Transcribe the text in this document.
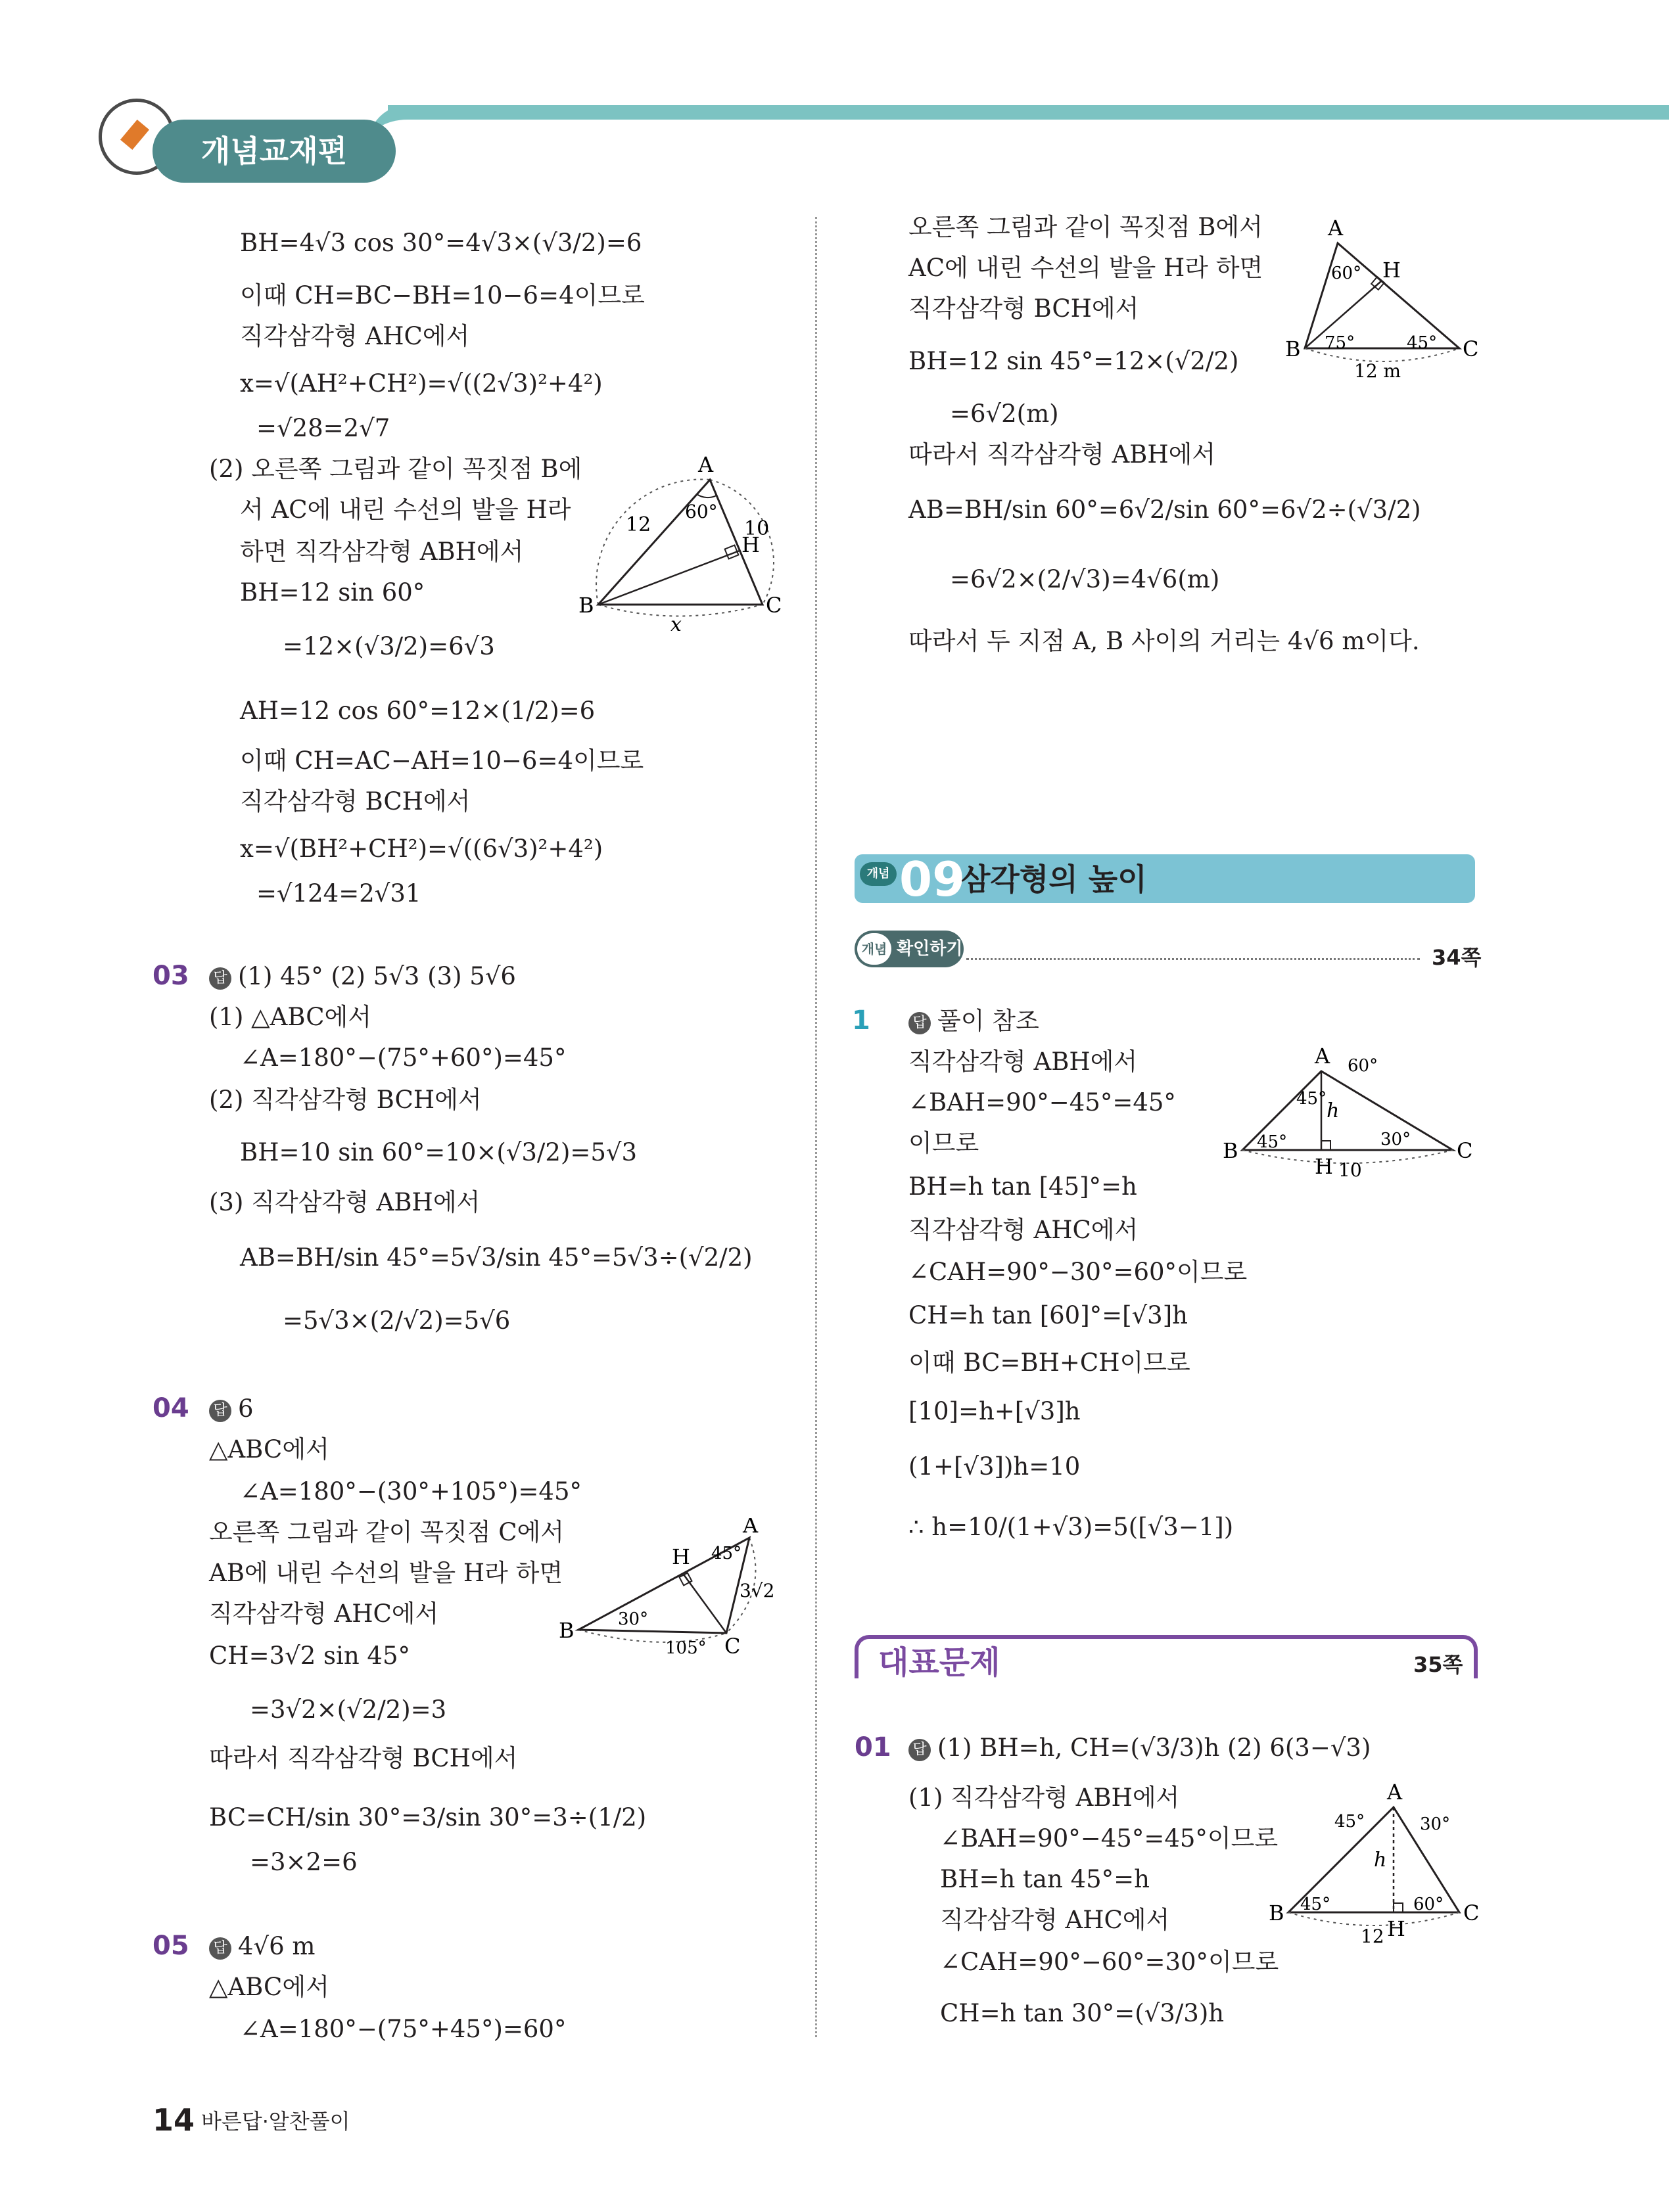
개념교재편
BH=4√3 cos 30°=4√3×(√3/2)=6
이때 CH=BC−BH=10−6=4이므로
직각삼각형 AHC에서
x=√(AH²+CH²)=√((2√3)²+4²)
=√28=2√7
(2) 오른쪽 그림과 같이 꼭짓점 B에
서 AC에 내린 수선의 발을 H라
하면 직각삼각형 ABH에서
BH=12 sin 60°
=12×(√3/2)=6√3
AH=12 cos 60°=12×(1/2)=6
이때 CH=AC−AH=10−6=4이므로
직각삼각형 BCH에서
x=√(BH²+CH²)=√((6√3)²+4²)
=√124=2√31
A
B	C
H
60°
12	10
x
03 답 (1) 45° (2) 5√3 (3) 5√6
(1) △ABC에서
∠A=180°−(75°+60°)=45°
(2) 직각삼각형 BCH에서
BH=10 sin 60°=10×(√3/2)=5√3
(3) 직각삼각형 ABH에서
AB=BH/sin 45°=5√3/sin 45°=5√3÷(√2/2)
=5√3×(2/√2)=5√6
04 답 6
△ABC에서
∠A=180°−(30°+105°)=45°
오른쪽 그림과 같이 꼭짓점 C에서
AB에 내린 수선의 발을 H라 하면
직각삼각형 AHC에서
CH=3√2 sin 45°
=3√2×(√2/2)=3
따라서 직각삼각형 BCH에서
BC=CH/sin 30°=3/sin 30°=3÷(1/2)
=3×2=6
A
B
C
H 45°
30°
105°
3√2
05 답 4√6 m
△ABC에서
∠A=180°−(75°+45°)=60°
오른쪽 그림과 같이 꼭짓점 B에서
AC에 내린 수선의 발을 H라 하면
직각삼각형 BCH에서
BH=12 sin 45°=12×(√2/2)
=6√2(m)
따라서 직각삼각형 ABH에서
AB=BH/sin 60°=6√2/sin 60°=6√2÷(√3/2)
=6√2×(2/√3)=4√6(m)
따라서 두 지점 A, B 사이의 거리는 4√6 m이다.
A
B	C
H
60°
75°	45°
12 m
개념 09
삼각형의 높이
개념 확인하기	34쪽
1	답 풀이 참조
직각삼각형 ABH에서
∠BAH=90°−45°=45°
이므로
BH=h tan [45]°=h
직각삼각형 AHC에서
∠CAH=90°−30°=60°이므로
CH=h tan [60]°=[√3]h
이때 BC=BH+CH이므로
[10]=h+[√3]h
(1+[√3])h=10
∴ h=10/(1+√3)=5([√3−1])
A
B	C
H
60°
45°
h
45°	30°
10
대표문제	35쪽
01 답 (1) BH=h, CH=(√3/3)h (2) 6(3−√3)
(1) 직각삼각형 ABH에서
∠BAH=90°−45°=45°이므로
BH=h tan 45°=h
직각삼각형 AHC에서
∠CAH=90°−60°=30°이므로
CH=h tan 30°=(√3/3)h
A
B	C
H
45°	30°
h
45°	60°
12
14 바른답·알찬풀이
